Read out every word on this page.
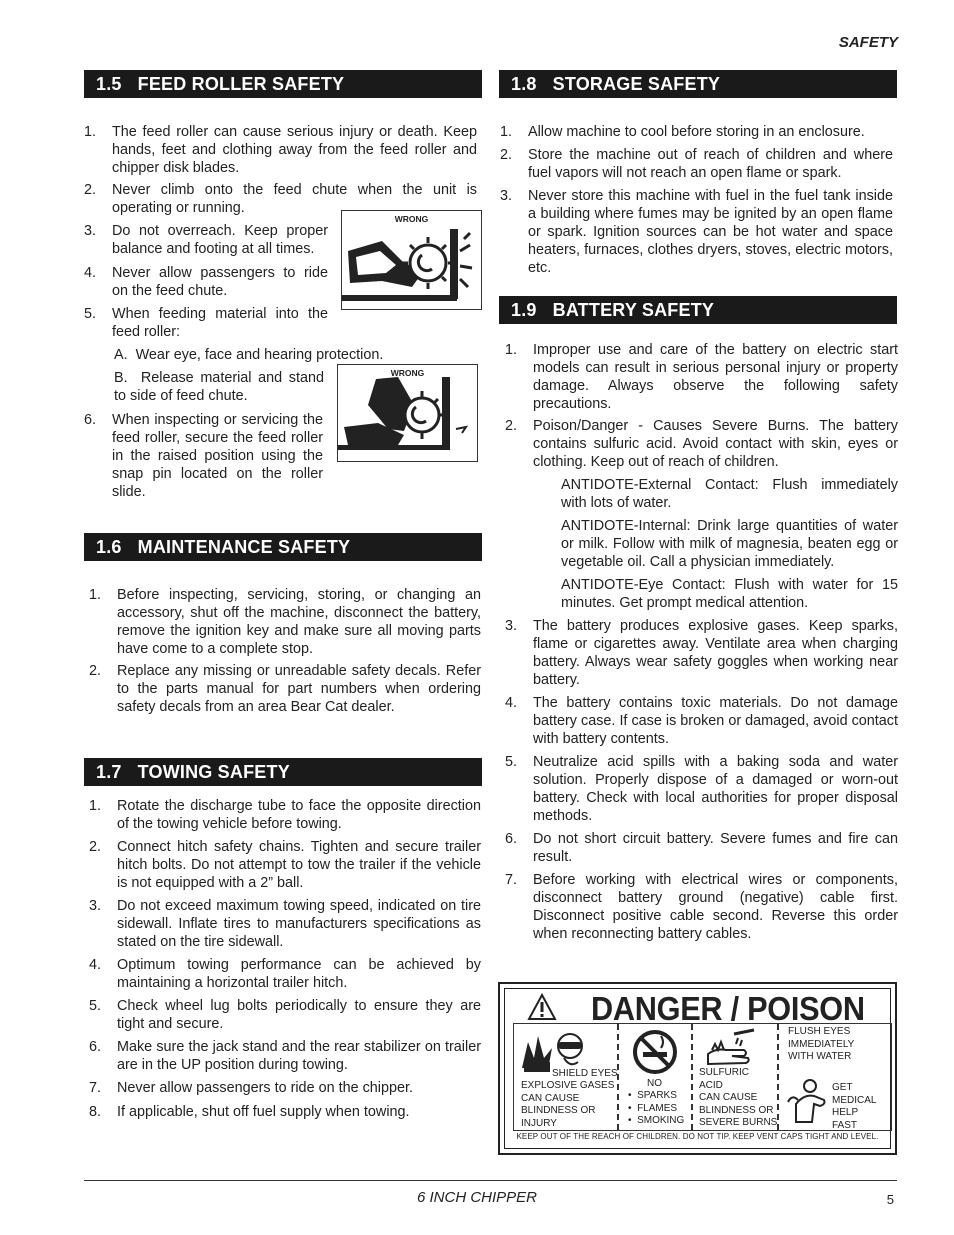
SAFETY
1.5 FEED ROLLER SAFETY
1. The feed roller can cause serious injury or death. Keep hands, feet and clothing away from the feed roller and chipper disk blades.
2. Never climb onto the feed chute when the unit is operating or running.
3. Do not overreach. Keep proper balance and footing at all times.
4. Never allow passengers to ride on the feed chute.
5. When feeding material into the feed roller:
A. Wear eye, face and hearing protection.
B. Release material and stand to side of feed chute.
6. When inspecting or servicing the feed roller, secure the feed roller in the raised position using the snap pin located on the roller slide.
WRONG
WRONG
1.6 MAINTENANCE SAFETY
1. Before inspecting, servicing, storing, or changing an accessory, shut off the machine, disconnect the battery, remove the ignition key and make sure all moving parts have come to a complete stop.
2. Replace any missing or unreadable safety decals. Refer to the parts manual for part numbers when ordering safety decals from an area Bear Cat dealer.
1.7 TOWING SAFETY
1. Rotate the discharge tube to face the opposite direction of the towing vehicle before towing.
2. Connect hitch safety chains. Tighten and secure trailer hitch bolts. Do not attempt to tow the trailer if the vehicle is not equipped with a 2” ball.
3. Do not exceed maximum towing speed, indicated on tire sidewall. Inflate tires to manufacturers specifications as stated on the tire sidewall.
4. Optimum towing performance can be achieved by maintaining a horizontal trailer hitch.
5. Check wheel lug bolts periodically to ensure they are tight and secure.
6. Make sure the jack stand and the rear stabilizer on trailer are in the UP position during towing.
7. Never allow passengers to ride on the chipper.
8. If applicable, shut off fuel supply when towing.
1.8 STORAGE SAFETY
1. Allow machine to cool before storing in an enclosure.
2. Store the machine out of reach of children and where fuel vapors will not reach an open flame or spark.
3. Never store this machine with fuel in the fuel tank inside a building where fumes may be ignited by an open flame or spark. Ignition sources can be hot water and space heaters, furnaces, clothes dryers, stoves, electric motors, etc.
1.9 BATTERY SAFETY
1. Improper use and care of the battery on electric start models can result in serious personal injury or property damage. Always observe the following safety precautions.
2. Poison/Danger - Causes Severe Burns. The battery contains sulfuric acid. Avoid contact with skin, eyes or clothing. Keep out of reach of children.
ANTIDOTE-External Contact: Flush immediately with lots of water.
ANTIDOTE-Internal: Drink large quantities of water or milk. Follow with milk of magnesia, beaten egg or vegetable oil. Call a physician immediately.
ANTIDOTE-Eye Contact: Flush with water for 15 minutes. Get prompt medical attention.
3. The battery produces explosive gases. Keep sparks, flame or cigarettes away. Ventilate area when charging battery. Always wear safety goggles when working near battery.
4. The battery contains toxic materials. Do not damage battery case. If case is broken or damaged, avoid contact with battery contents.
5. Neutralize acid spills with a baking soda and water solution. Properly dispose of a damaged or worn-out battery. Check with local authorities for proper disposal methods.
6. Do not short circuit battery. Severe fumes and fire can result.
7. Before working with electrical wires or components, disconnect battery ground (negative) cable first. Disconnect positive cable second. Reverse this order when reconnecting battery cables.
DANGER / POISON
SHIELD EYES
EXPLOSIVE GASES
CAN CAUSE
BLINDNESS OR
INJURY
NO
•  SPARKS
•  FLAMES
•  SMOKING
SULFURIC
ACID
CAN CAUSE
BLINDNESS OR
SEVERE BURNS
FLUSH EYES
IMMEDIATELY
WITH WATER
GET
MEDICAL
HELP
FAST
KEEP OUT OF THE REACH OF CHILDREN. DO NOT TIP. KEEP VENT CAPS TIGHT AND LEVEL.
6 INCH CHIPPER	5
